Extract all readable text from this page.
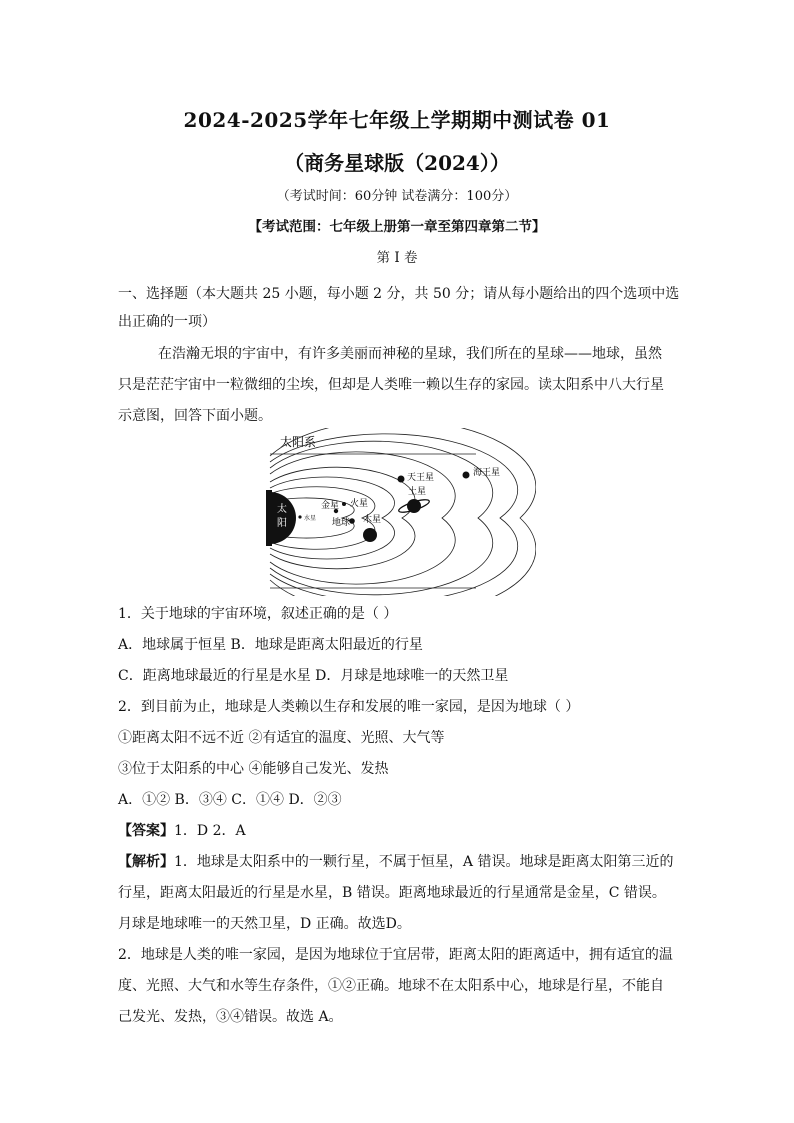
2024-2025学年七年级上学期期中测试卷 01
（商务星球版（2024））
（考试时间：60分钟 试卷满分：100分）
【考试范围：七年级上册第一章至第四章第二节】
第 I 卷
一、选择题（本大题共 25 小题，每小题 2 分，共 50 分；请从每小题给出的四个选项中选
出正确的一项）
在浩瀚无垠的宇宙中，有许多美丽而神秘的星球，我们所在的星球——地球，虽然
只是茫茫宇宙中一粒微细的尘埃，但却是人类唯一赖以生存的家园。读太阳系中八大行星
示意图，回答下面小题。
太阳系
太
阳	水星
金星
地球
火星
木星
土星
天王星	海王星
1．关于地球的宇宙环境，叙述正确的是（ ）
A．地球属于恒星 B．地球是距离太阳最近的行星
C．距离地球最近的行星是水星 D．月球是地球唯一的天然卫星
2．到目前为止，地球是人类赖以生存和发展的唯一家园，是因为地球（ ）
①距离太阳不远不近 ②有适宜的温度、光照、大气等
③位于太阳系的中心 ④能够自己发光、发热
A．①② B．③④ C．①④ D．②③
【答案】1．D 2．A
【解析】1．地球是太阳系中的一颗行星，不属于恒星，A 错误。地球是距离太阳第三近的
行星，距离太阳最近的行星是水星，B 错误。距离地球最近的行星通常是金星，C 错误。
月球是地球唯一的天然卫星，D 正确。故选D。
2．地球是人类的唯一家园，是因为地球位于宜居带，距离太阳的距离适中，拥有适宜的温
度、光照、大气和水等生存条件，①②正确。地球不在太阳系中心，地球是行星，不能自
己发光、发热，③④错误。故选 A。
